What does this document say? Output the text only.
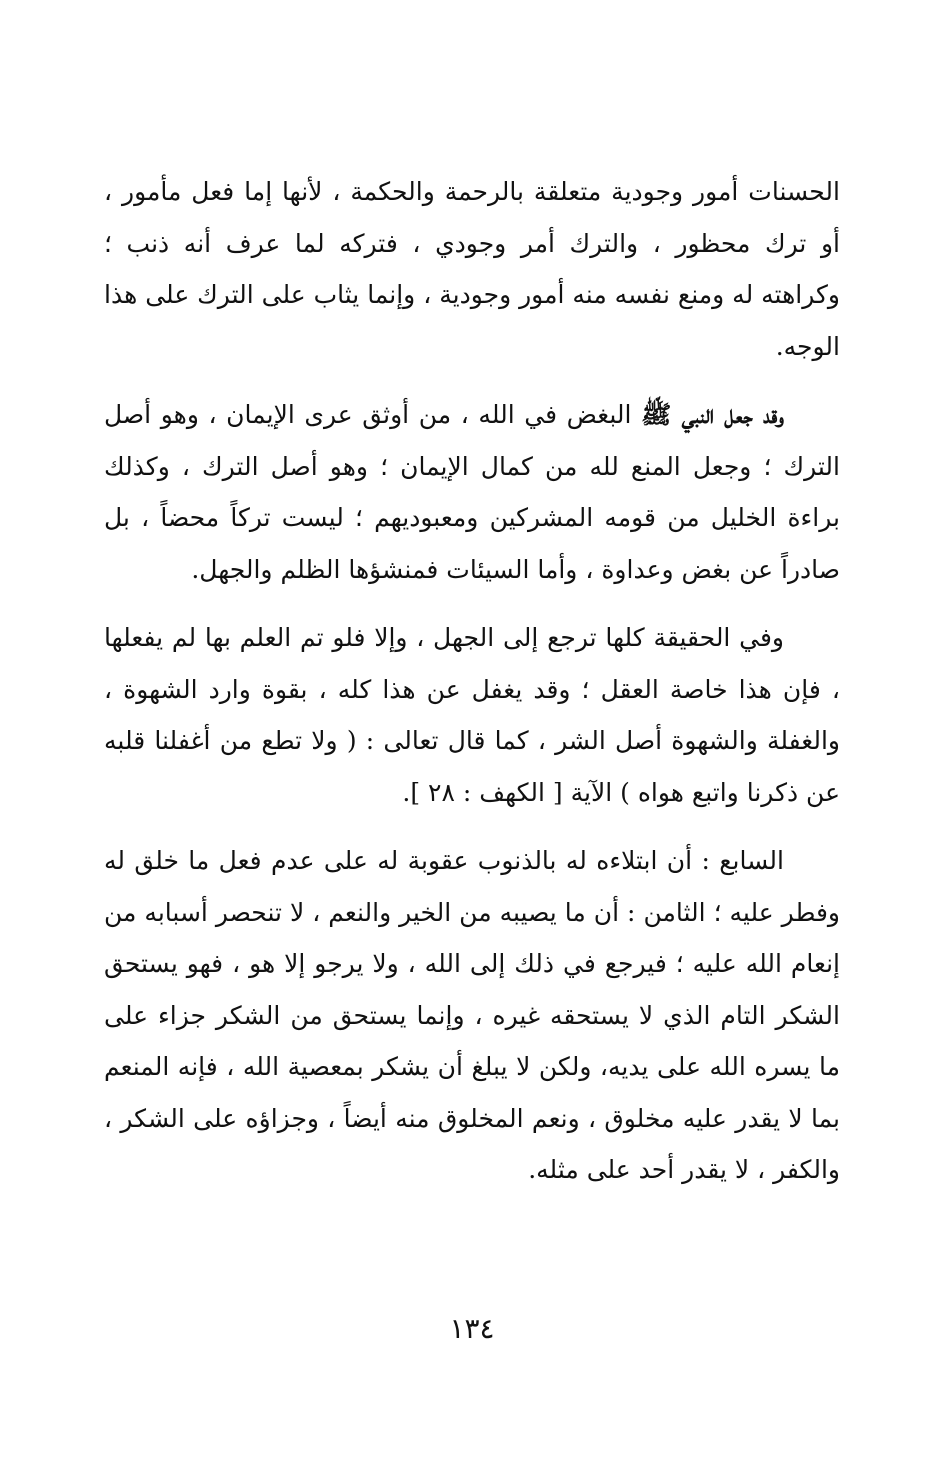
الحسنات أمور وجودية متعلقة بالرحمة والحكمة ، لأنها إما فعل مأمور ، أو ترك محظور ، والترك أمر وجودي ، فتركه لما عرف أنه ذنب ؛ وكراهته له ومنع نفسه منه أمور وجودية ، وإنما يثاب على الترك على هذا الوجه.

وقد جعل النبي ﷺ البغض في الله ، من أوثق عرى الإيمان ، وهو أصل الترك ؛ وجعل المنع لله من كمال الإيمان ؛ وهو أصل الترك ، وكذلك براءة الخليل من قومه المشركين ومعبوديهم ؛ ليست تركاً محضاً ، بل صادراً عن بغض وعداوة ، وأما السيئات فمنشؤها الظلم والجهل.

وفي الحقيقة كلها ترجع إلى الجهل ، وإلا فلو تم العلم بها لم يفعلها ، فإن هذا خاصة العقل ؛ وقد يغفل عن هذا كله ، بقوة وارد الشهوة ، والغفلة والشهوة أصل الشر ، كما قال تعالى : ( ولا تطع من أغفلنا قلبه عن ذكرنا واتبع هواه ) الآية [ الكهف : ٢٨ ].

السابع : أن ابتلاءه له بالذنوب عقوبة له على عدم فعل ما خلق له وفطر عليه ؛ الثامن : أن ما يصيبه من الخير والنعم ، لا تنحصر أسبابه من إنعام الله عليه ؛ فيرجع في ذلك إلى الله ، ولا يرجو إلا هو ، فهو يستحق الشكر التام الذي لا يستحقه غيره ، وإنما يستحق من الشكر جزاء على ما يسره الله على يديه، ولكن لا يبلغ أن يشكر بمعصية الله ، فإنه المنعم بما لا يقدر عليه مخلوق ، ونعم المخلوق منه أيضاً ، وجزاؤه على الشكر ، والكفر ، لا يقدر أحد على مثله.

١٣٤
